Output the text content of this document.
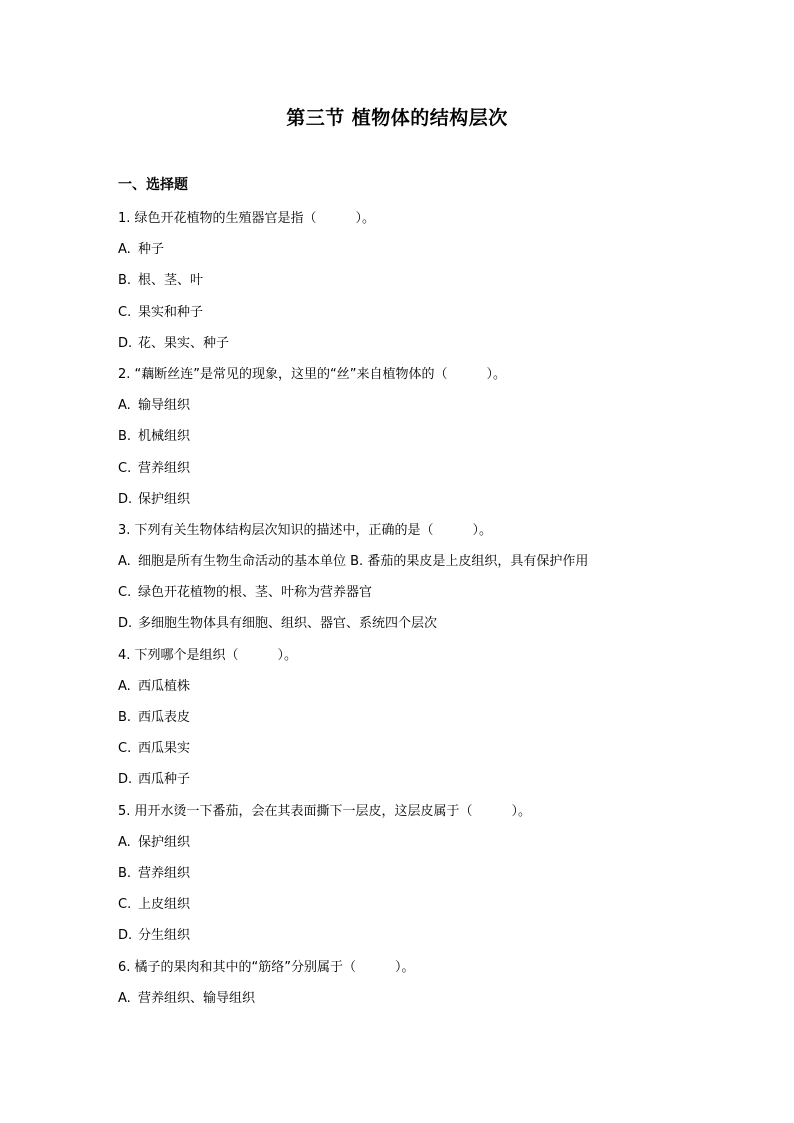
第三节 植物体的结构层次
一、选择题
1. 绿色开花植物的生殖器官是指（　　　）。
A. 种子
B. 根、茎、叶
C. 果实和种子
D. 花、果实、种子
2. “藕断丝连”是常见的现象，这里的“丝”来自植物体的（　　　）。
A. 输导组织
B. 机械组织
C. 营养组织
D. 保护组织
3. 下列有关生物体结构层次知识的描述中，正确的是（　　　）。
A. 细胞是所有生物生命活动的基本单位 B. 番茄的果皮是上皮组织，具有保护作用
C. 绿色开花植物的根、茎、叶称为营养器官
D. 多细胞生物体具有细胞、组织、器官、系统四个层次
4. 下列哪个是组织（　　　）。
A. 西瓜植株
B. 西瓜表皮
C. 西瓜果实
D. 西瓜种子
5. 用开水烫一下番茄，会在其表面撕下一层皮，这层皮属于（　　　）。
A. 保护组织
B. 营养组织
C. 上皮组织
D. 分生组织
6. 橘子的果肉和其中的“筋络”分别属于（　　　）。
A. 营养组织、输导组织
